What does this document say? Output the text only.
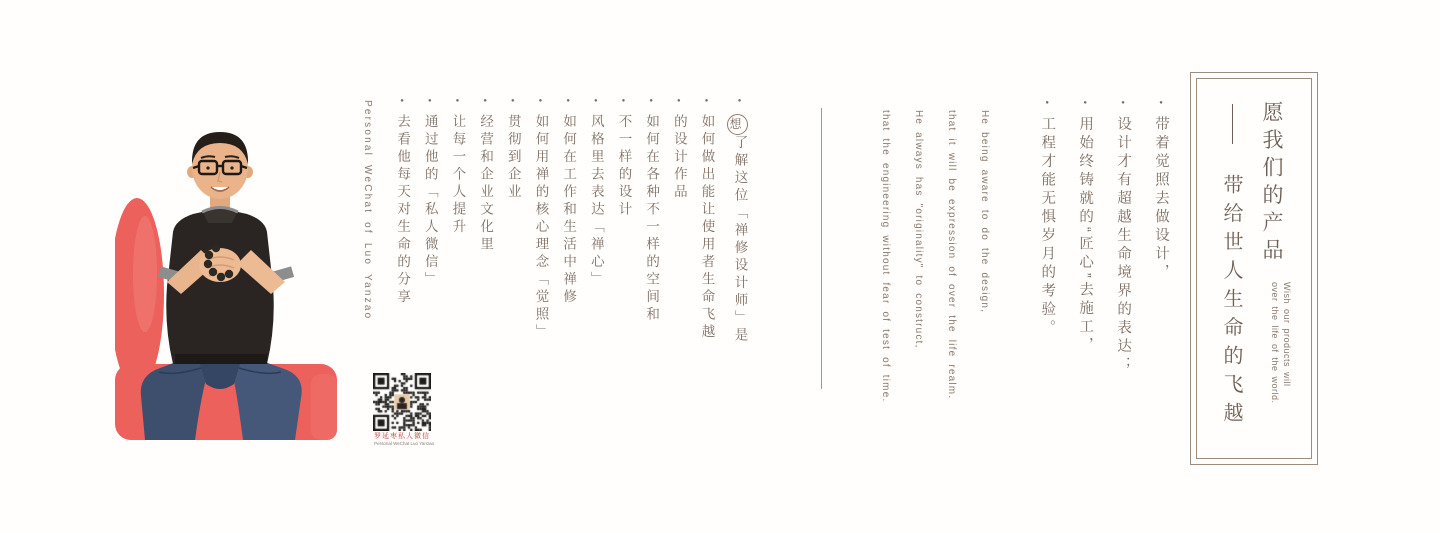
Personal WeChat of Luo Yanzao
罗延枣私人微信
Personal WeChat Luo Yanzao
●想了解这位「禅修设计师」是
●如何做出能让使用者生命飞越
●的设计作品
●如何在各种不一样的空间和
●不一样的设计
●风格里去表达「禅心」
●如何在工作和生活中禅修
●如何用禅的核心理念「觉照」
●贯彻到企业
●经营和企业文化里
●让每一个人提升
●通过他的「私人微信」
●去看他每天对生命的分享	He being aware to do the design,
that it will be expression of over the life realm.
He always has "originality" to construct,
that the engineering without fear of test of time.
●带着觉照去做设计，
●设计才有超越生命境界的表达；
●用始终铸就的“匠心”去施工，
●工程才能无惧岁月的考验。	愿我们的产品
Wish our products will
over the life of the world.
带给世人生命的飞越
